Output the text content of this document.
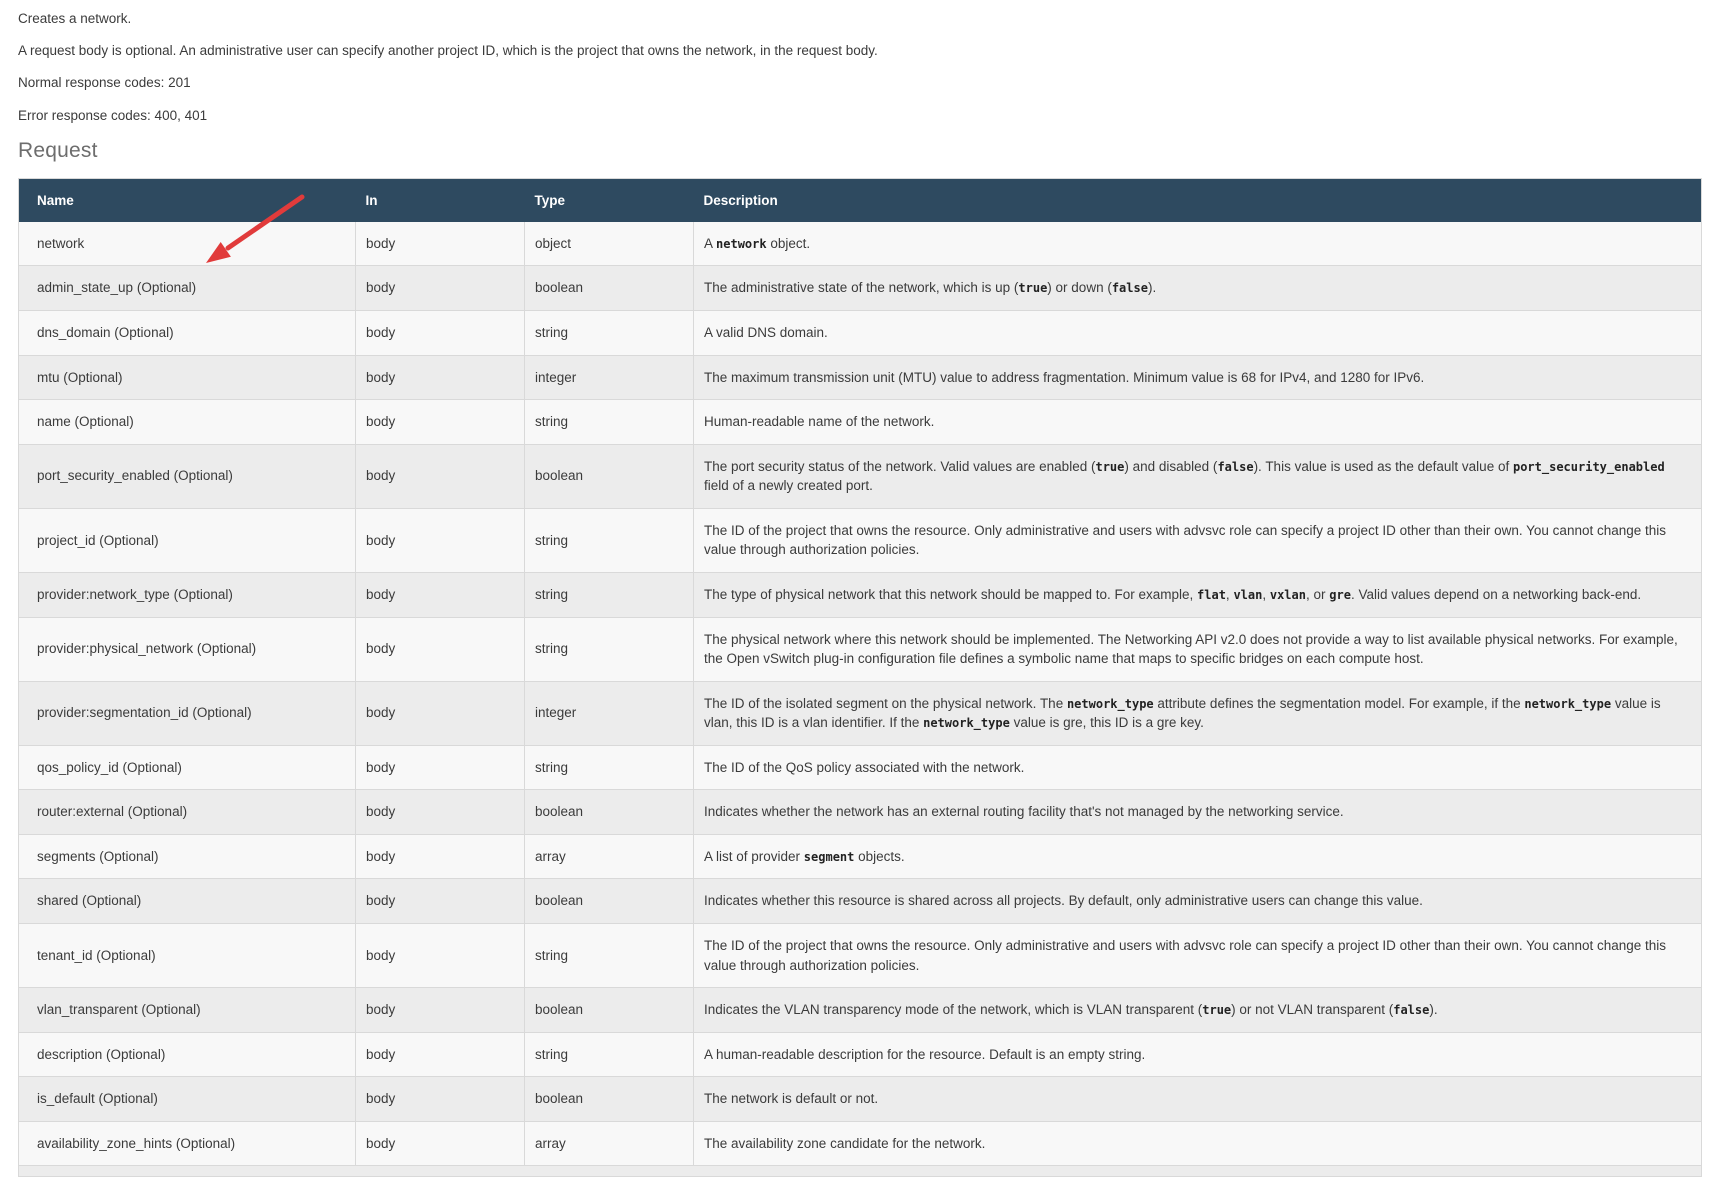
Creates a network.

A request body is optional. An administrative user can specify another project ID, which is the project that owns the network, in the request body.

Normal response codes: 201

Error response codes: 400, 401

Request
Name	In	Type	Description
network	body	object	A network object.
admin_state_up (Optional)	body	boolean	The administrative state of the network, which is up (true) or down (false).
dns_domain (Optional)	body	string	A valid DNS domain.
mtu (Optional)	body	integer	The maximum transmission unit (MTU) value to address fragmentation. Minimum value is 68 for IPv4, and 1280 for IPv6.
name (Optional)	body	string	Human-readable name of the network.
port_security_enabled (Optional)	body	boolean	The port security status of the network. Valid values are enabled (true) and disabled (false). This value is used as the default value of port_security_enabled field of a newly created port.
project_id (Optional)	body	string	The ID of the project that owns the resource. Only administrative and users with advsvc role can specify a project ID other than their own. You cannot change this value through authorization policies.
provider:network_type (Optional)	body	string	The type of physical network that this network should be mapped to. For example, flat, vlan, vxlan, or gre. Valid values depend on a networking back-end.
provider:physical_network (Optional)	body	string	The physical network where this network should be implemented. The Networking API v2.0 does not provide a way to list available physical networks. For example, the Open vSwitch plug-in configuration file defines a symbolic name that maps to specific bridges on each compute host.
provider:segmentation_id (Optional)	body	integer	The ID of the isolated segment on the physical network. The network_type attribute defines the segmentation model. For example, if the network_type value is vlan, this ID is a vlan identifier. If the network_type value is gre, this ID is a gre key.
qos_policy_id (Optional)	body	string	The ID of the QoS policy associated with the network.
router:external (Optional)	body	boolean	Indicates whether the network has an external routing facility that's not managed by the networking service.
segments (Optional)	body	array	A list of provider segment objects.
shared (Optional)	body	boolean	Indicates whether this resource is shared across all projects. By default, only administrative users can change this value.
tenant_id (Optional)	body	string	The ID of the project that owns the resource. Only administrative and users with advsvc role can specify a project ID other than their own. You cannot change this value through authorization policies.
vlan_transparent (Optional)	body	boolean	Indicates the VLAN transparency mode of the network, which is VLAN transparent (true) or not VLAN transparent (false).
description (Optional)	body	string	A human-readable description for the resource. Default is an empty string.
is_default (Optional)	body	boolean	The network is default or not.
availability_zone_hints (Optional)	body	array	The availability zone candidate for the network.
